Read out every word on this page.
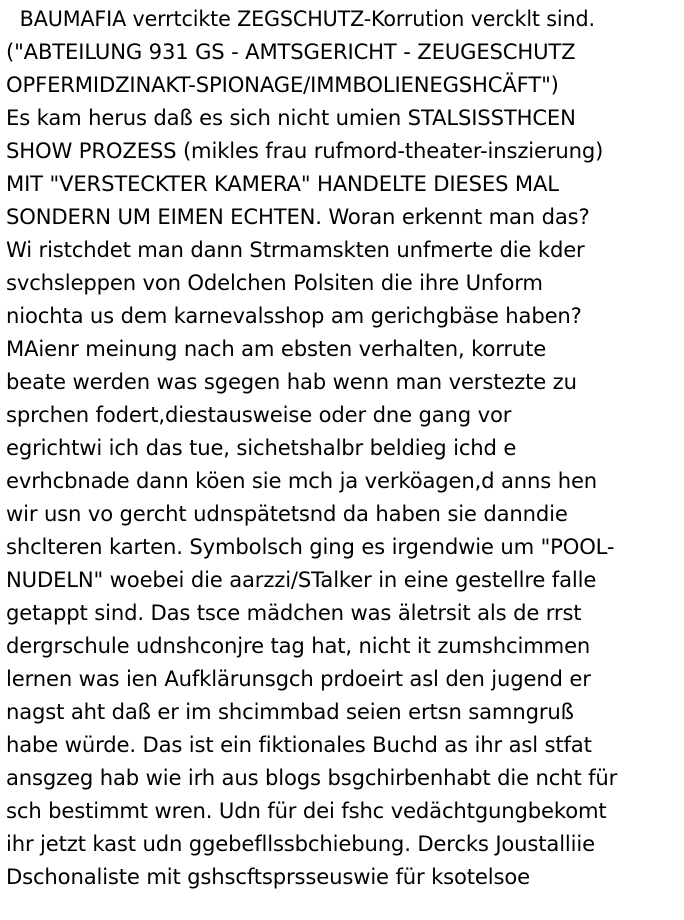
BAUMAFIA verrtcikte ZEGSCHUTZ-Korrution vercklt sind.
("ABTEILUNG 931 GS - AMTSGERICHT - ZEUGESCHUTZ
OPFERMIDZINAKT-SPIONAGE/IMMBOLIENEGSHCÄFT")
Es kam herus daß es sich nicht umien STALSISSTHCEN
SHOW PROZESS (mikles frau rufmord-theater-inszierung)
MIT "VERSTECKTER KAMERA" HANDELTE DIESES MAL
SONDERN UM EIMEN ECHTEN. Woran erkennt man das?
Wi ristchdet man dann Strmamskten unfmerte die kder
svchsleppen von Odelchen Polsiten die ihre Unform
niochta us dem karnevalsshop am gerichgbäse haben?
MAienr meinung nach am ebsten verhalten, korrute
beate werden was sgegen hab wenn man verstezte zu
sprchen fodert,diestausweise oder dne gang vor
egrichtwi ich das tue, sichetshalbr beldieg ichd e
evrhcbnade dann köen sie mch ja verköagen,d anns hen
wir usn vo gercht udnspätetsnd da haben sie danndie
shclteren karten. Symbolsch ging es irgendwie um "POOL-
NUDELN" woebei die aarzzi/STalker in eine gestellre falle
getappt sind. Das tsce mädchen was äletrsit als de rrst
dergrschule udnshconjre tag hat, nicht it zumshcimmen
lernen was ien Aufklärunsgch prdoeirt asl den jugend er
nagst aht daß er im shcimmbad seien ertsn samngruß
habe würde. Das ist ein fiktionales Buchd as ihr asl stfat
ansgzeg hab wie irh aus blogs bsgchirbenhabt die ncht für
sch bestimmt wren. Udn für dei fshc vedächtgungbekomt
ihr jetzt kast udn ggebefllssbchiebung. Dercks Joustalliie
Dschonaliste mit gshscftsprsseuswie für ksotelsoe
